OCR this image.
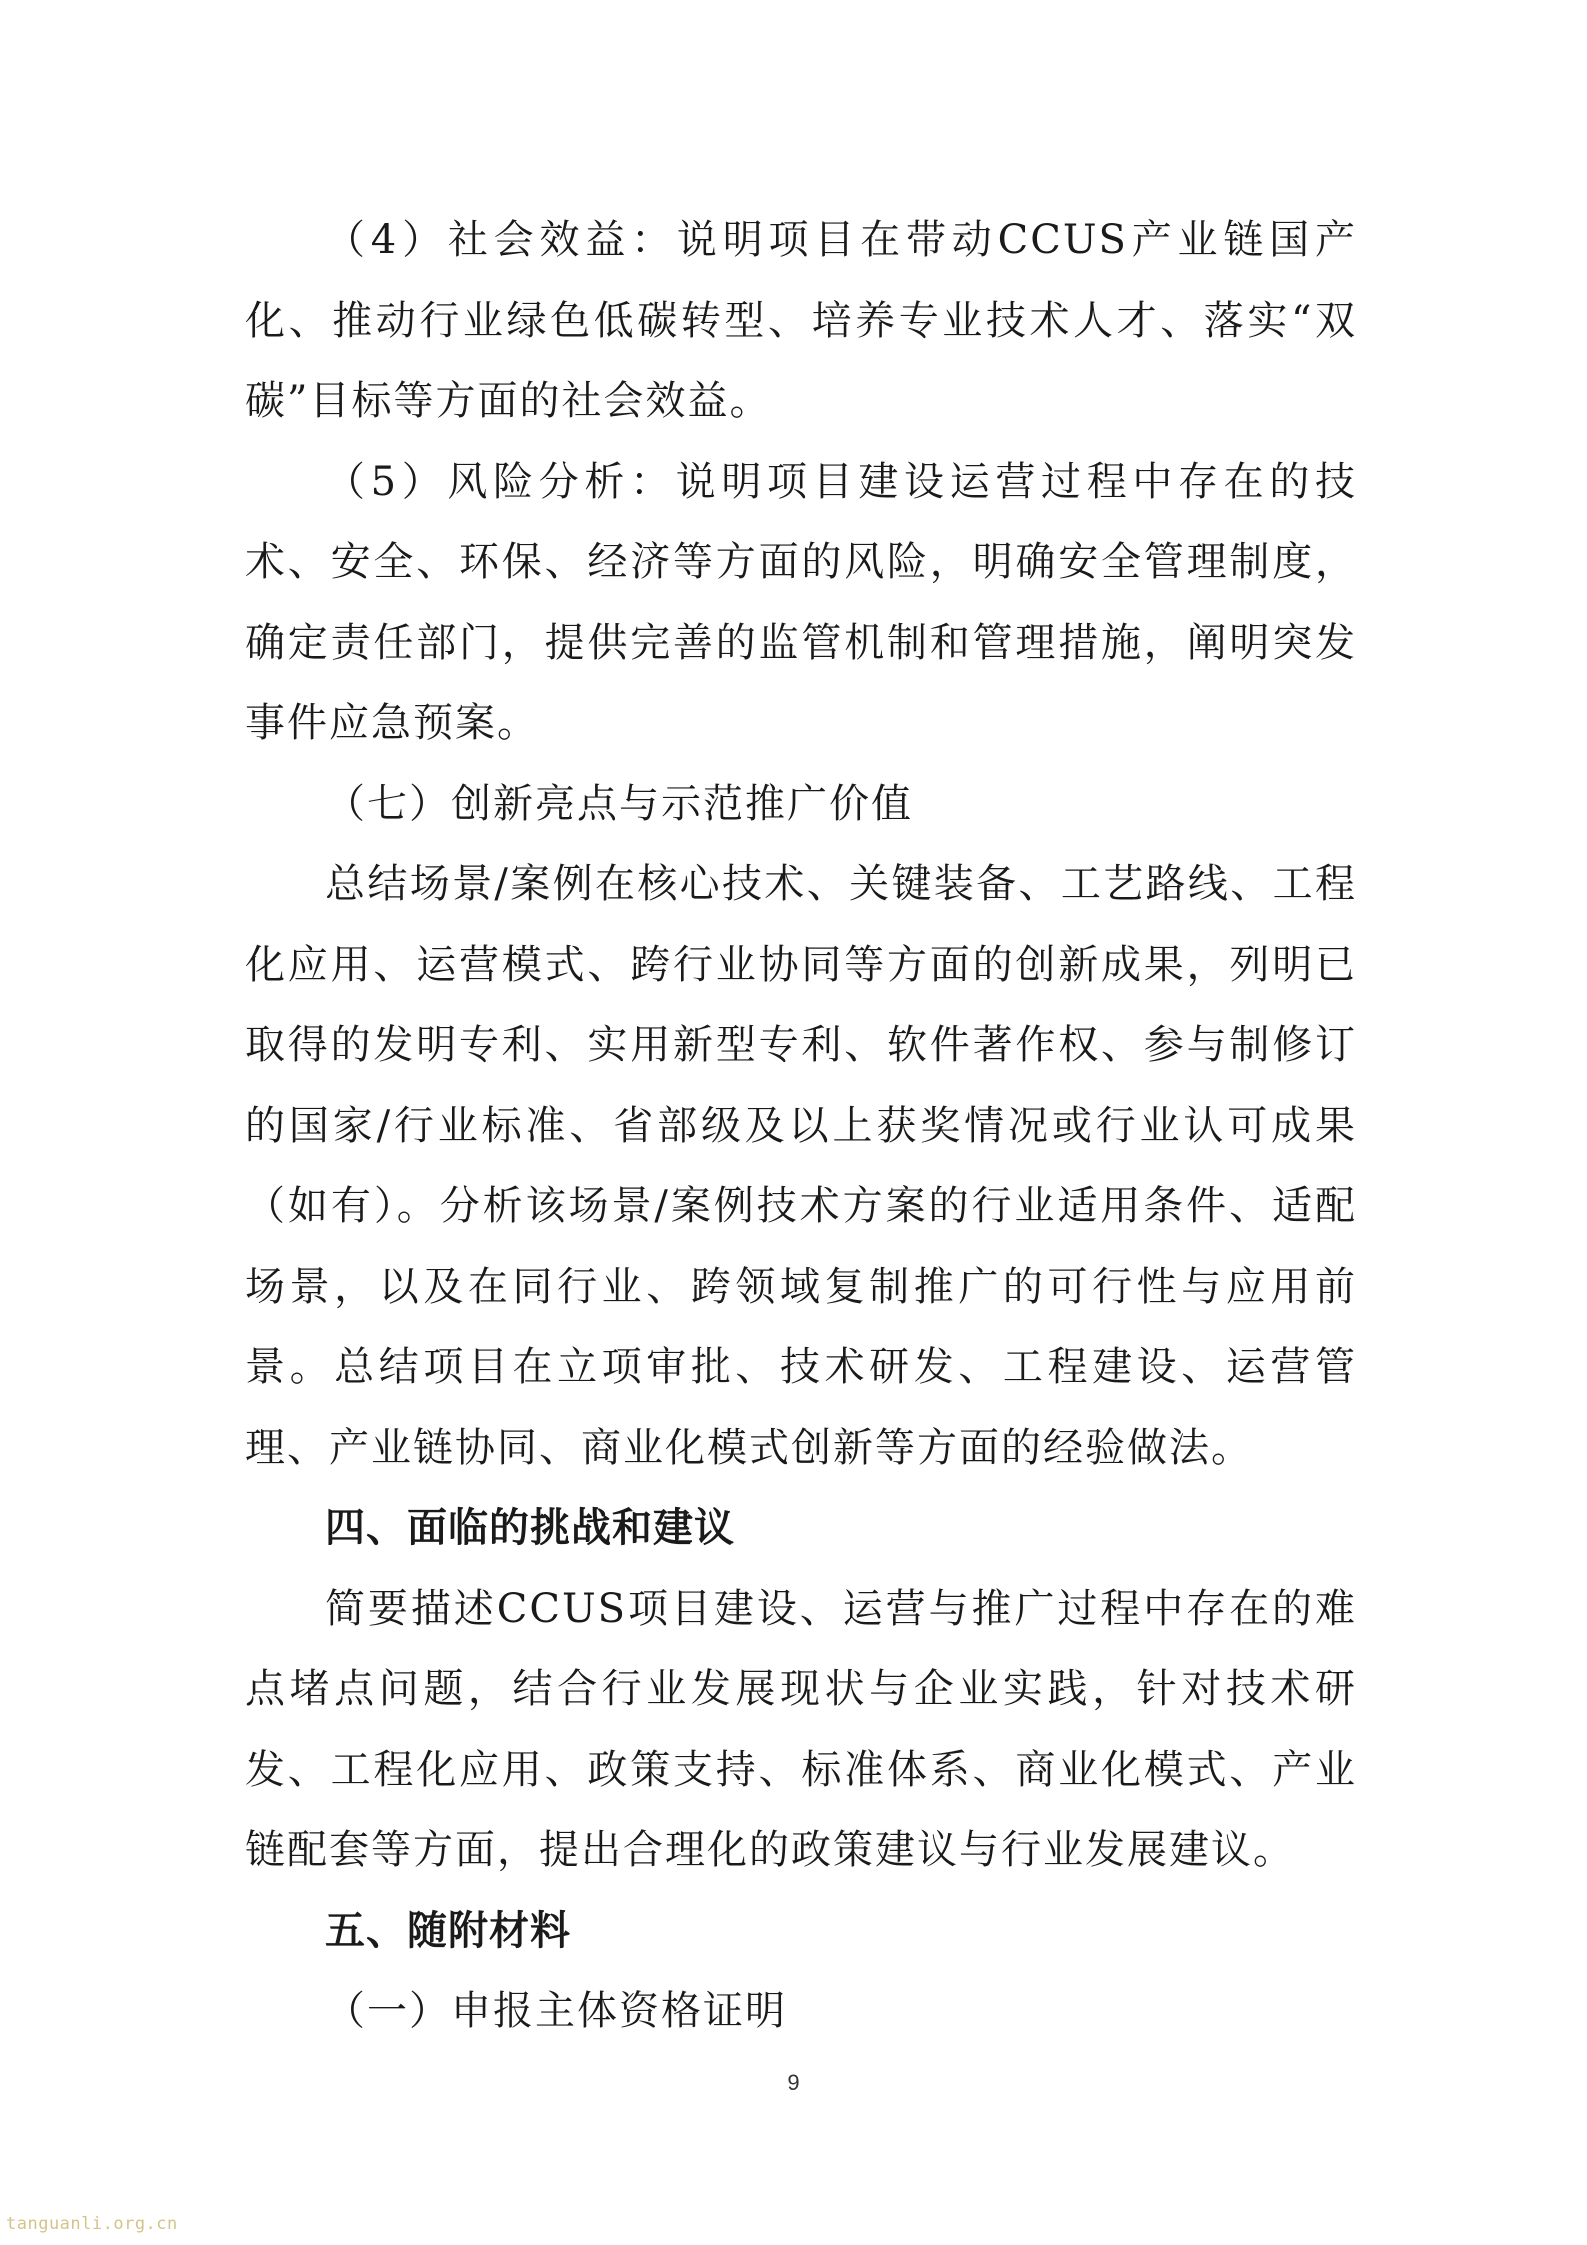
（4）社会效益：说明项目在带动CCUS产业链国产化、推动行业绿色低碳转型、培养专业技术人才、落实“双碳”目标等方面的社会效益。

（5）风险分析：说明项目建设运营过程中存在的技术、安全、环保、经济等方面的风险，明确安全管理制度，确定责任部门，提供完善的监管机制和管理措施，阐明突发事件应急预案。

（七）创新亮点与示范推广价值

总结场景/案例在核心技术、关键装备、工艺路线、工程化应用、运营模式、跨行业协同等方面的创新成果，列明已取得的发明专利、实用新型专利、软件著作权、参与制修订的国家/行业标准、省部级及以上获奖情况或行业认可成果（如有）。分析该场景/案例技术方案的行业适用条件、适配场景，以及在同行业、跨领域复制推广的可行性与应用前景。总结项目在立项审批、技术研发、工程建设、运营管理、产业链协同、商业化模式创新等方面的经验做法。

四、面临的挑战和建议

简要描述CCUS项目建设、运营与推广过程中存在的难点堵点问题，结合行业发展现状与企业实践，针对技术研发、工程化应用、政策支持、标准体系、商业化模式、产业链配套等方面，提出合理化的政策建议与行业发展建议。

五、随附材料

（一）申报主体资格证明

9
tanguanli.org.cn
